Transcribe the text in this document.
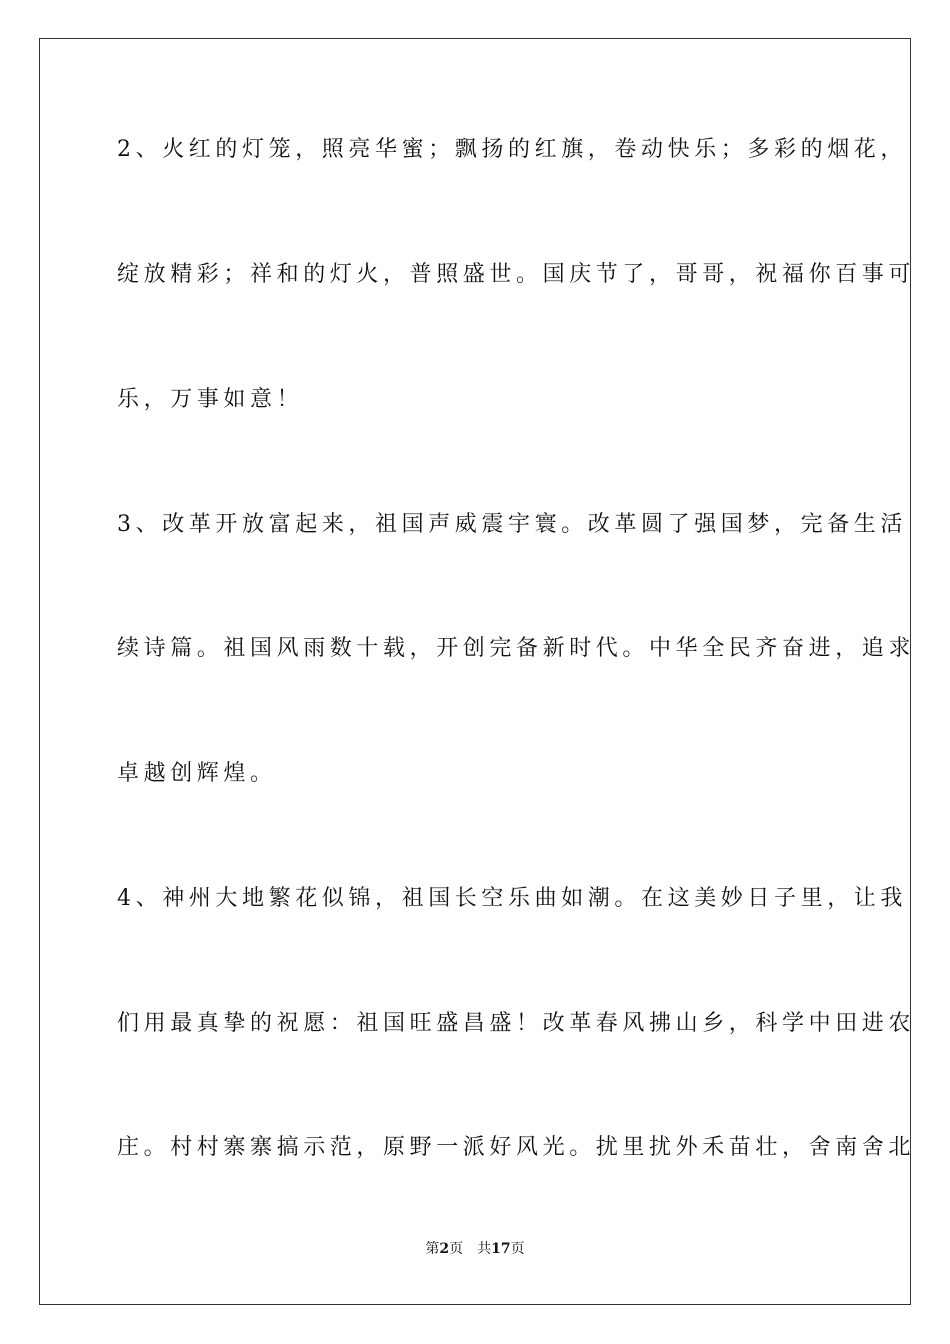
2、火红的灯笼，照亮华蜜；飘扬的红旗，卷动快乐；多彩的烟花，
绽放精彩；祥和的灯火，普照盛世。国庆节了，哥哥，祝福你百事可
乐，万事如意！
3、改革开放富起来，祖国声威震宇寰。改革圆了强国梦，完备生活
续诗篇。祖国风雨数十载，开创完备新时代。中华全民齐奋进，追求
卓越创辉煌。
4、神州大地繁花似锦，祖国长空乐曲如潮。在这美妙日子里，让我
们用最真挚的祝愿：祖国旺盛昌盛！改革春风拂山乡，科学中田进农
庄。村村寨寨搞示范，原野一派好风光。扰里扰外禾苗壮，舍南舍北
第2页 共17页
